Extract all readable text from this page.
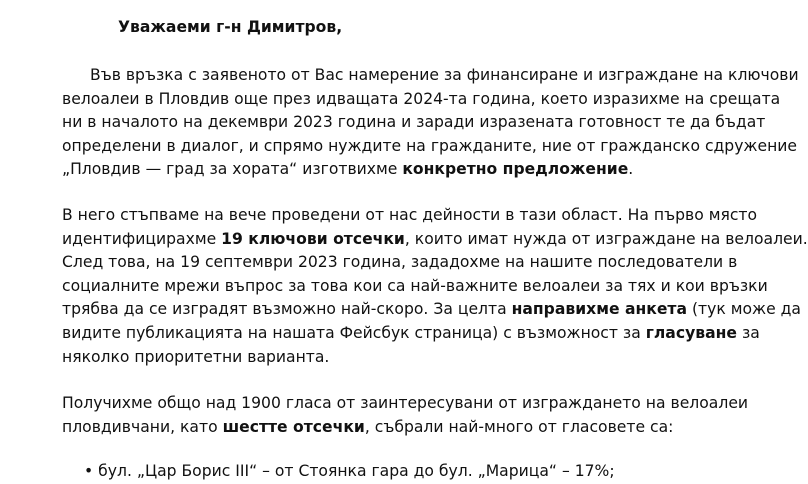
Уважаеми г-н Димитров,

Във връзка с заявеното от Вас намерение за финансиране и изграждане на ключови
велоалеи в Пловдив още през идващата 2024-та година, което изразихме на срещата
ни в началото на декември 2023 година и заради изразената готовност те да бъдат
определени в диалог, и спрямо нуждите на гражданите, ние от гражданско сдружение
„Пловдив — град за хората“ изготвихме конкретно предложение.

В него стъпваме на вече проведени от нас дейности в тази област. На първо място
идентифицирахме 19 ключови отсечки, които имат нужда от изграждане на велоалеи.
След това, на 19 септември 2023 година, зададохме на нашите последователи в
социалните мрежи въпрос за това кои са най-важните велоалеи за тях и кои връзки
трябва да се изградят възможно най-скоро. За целта направихме анкета (тук може да
видите публикацията на нашата Фейсбук страница) с възможност за гласуване за
няколко приоритетни варианта.

Получихме общо над 1900 гласа от заинтересувани от изграждането на велоалеи
пловдивчани, като шестте отсечки, събрали най-много от гласовете са:

• бул. „Цар Борис III“ – от Стоянка гара до бул. „Марица“ – 17%;
